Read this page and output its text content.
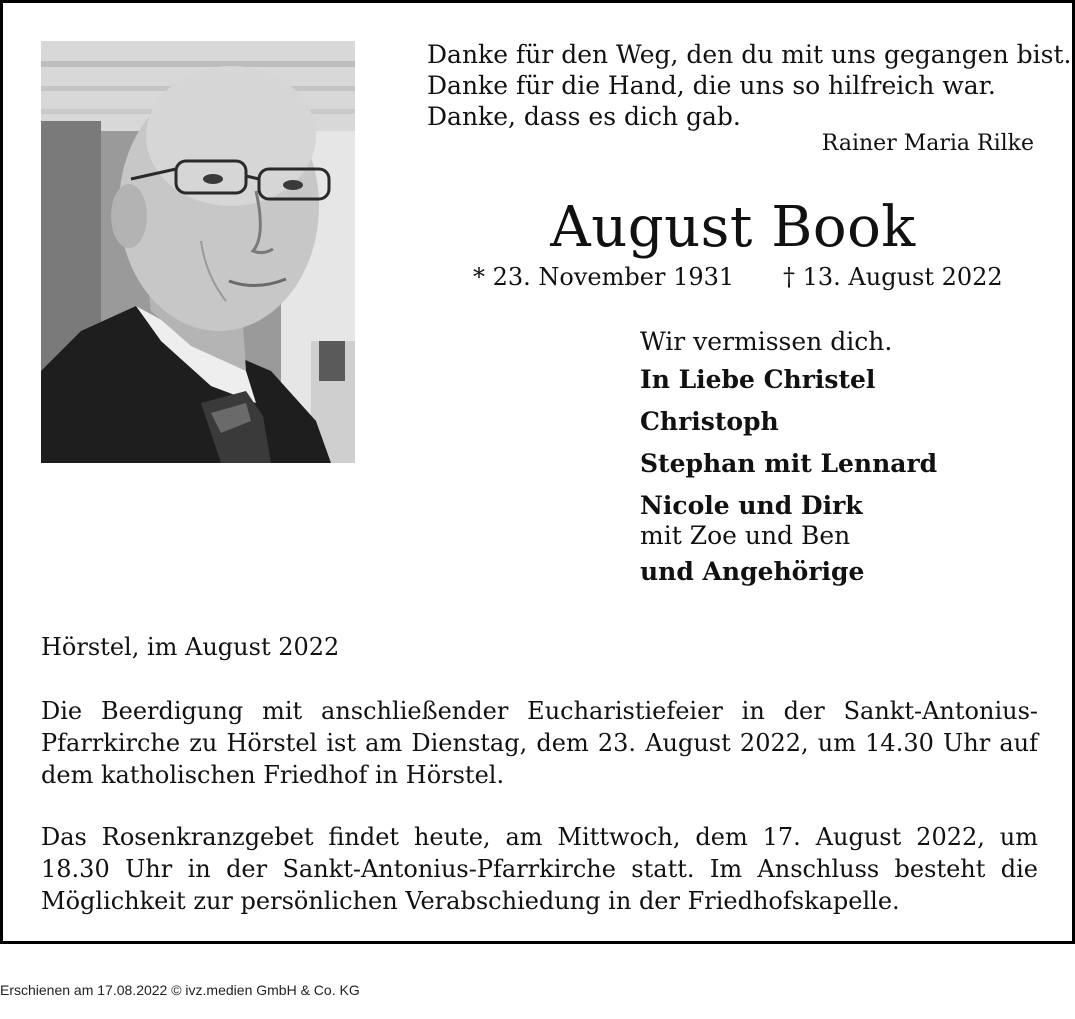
Danke für den Weg, den du mit uns gegangen bist.
Danke für die Hand, die uns so hilfreich war.
Danke, dass es dich gab.
Rainer Maria Rilke
August Book
* 23. November 1931 † 13. August 2022
Wir vermissen dich.
In Liebe Christel
Christoph
Stephan mit Lennard
Nicole und Dirk
mit Zoe und Ben
und Angehörige
Hörstel, im August 2022
Die Beerdigung mit anschließender Eucharistiefeier in der Sankt-Antonius-Pfarrkirche zu Hörstel ist am Dienstag, dem 23. August 2022, um 14.30 Uhr auf dem katholischen Friedhof in Hörstel.
Das Rosenkranzgebet findet heute, am Mittwoch, dem 17. August 2022, um 18.30 Uhr in der Sankt-Antonius-Pfarrkirche statt. Im Anschluss besteht die Möglichkeit zur persönlichen Verabschiedung in der Friedhofskapelle.
Erschienen am 17.08.2022 © ivz.medien GmbH & Co. KG
